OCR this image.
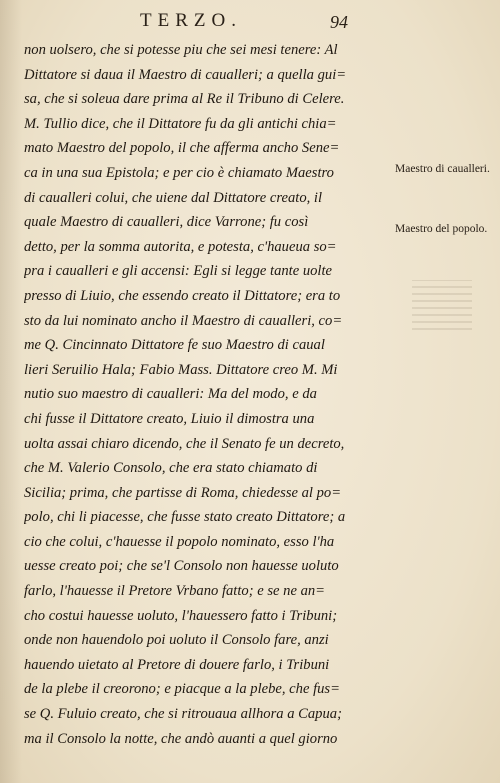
TERZO.	94
non uolsero, che si potesse piu che sei mesi tenere: Al
Dittatore si daua il Maestro di caualleri; a quella gui=
sa, che si soleua dare prima al Re il Tribuno di Celere.
M. Tullio dice, che il Dittatore fu da gli antichi chia=
mato Maestro del popolo, il che afferma ancho Sene=
ca in una sua Epistola; e per cio è chiamato Maestro
di caualleri colui, che uiene dal Dittatore creato, il
quale Maestro di caualleri, dice Varrone; fu così
detto, per la somma autorita, e potesta, c'haueua so=
pra i caualleri e gli accensi: Egli si legge tante uolte
presso di Liuio, che essendo creato il Dittatore; era to
sto da lui nominato ancho il Maestro di caualleri, co=
me Q. Cincinnato Dittatore fe suo Maestro di caual
lieri Seruilio Hala; Fabio Mass. Dittatore creo M. Mi
nutio suo maestro di caualleri: Ma del modo, e da
chi fusse il Dittatore creato, Liuio il dimostra una
uolta assai chiaro dicendo, che il Senato fe un decreto,
che M. Valerio Consolo, che era stato chiamato di
Sicilia; prima, che partisse di Roma, chiedesse al po=
polo, chi li piacesse, che fusse stato creato Dittatore; a
cio che colui, c'hauesse il popolo nominato, esso l'ha
uesse creato poi; che se'l Consolo non hauesse uoluto
farlo, l'hauesse il Pretore Vrbano fatto; e se ne an=
cho costui hauesse uoluto, l'hauessero fatto i Tribuni;
onde non hauendolo poi uoluto il Consolo fare, anzi
hauendo uietato al Pretore di douere farlo, i Tribuni
de la plebe il creorono; e piacque a la plebe, che fus=
se Q. Fuluio creato, che si ritrouaua allhora a Capua;
ma il Consolo la notte, che andò auanti a quel giorno
Maestro di caualleri.
Maestro del popolo.
